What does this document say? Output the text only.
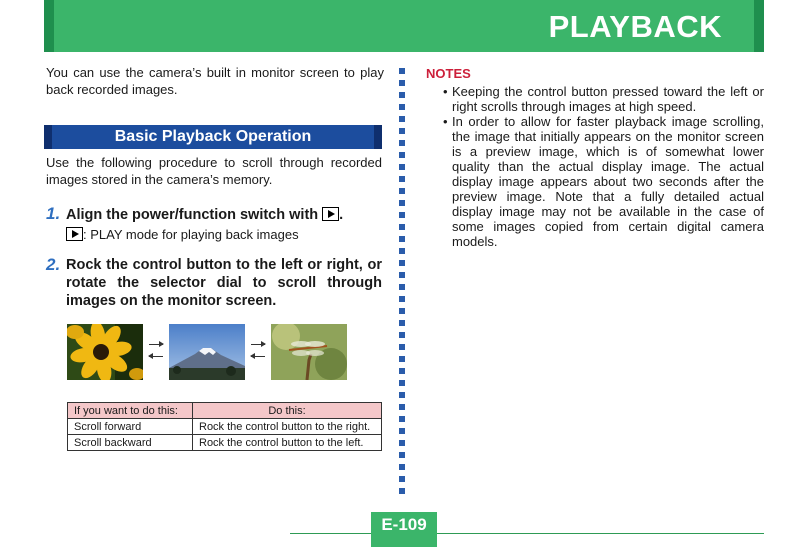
PLAYBACK
You can use the camera’s built in monitor screen to play back recorded images.
Basic Playback Operation
Use the following procedure to scroll through recorded images stored in the camera’s memory.
1. Align the power/function switch with .
: PLAY mode for playing back images
2. Rock the control button to the left or right, or rotate the selector dial to scroll through images on the monitor screen.
If you want to do this:	Do this:
Scroll forward	Rock the control button to the right.
Scroll backward	Rock the control button to the left.
NOTES
• Keeping the control button pressed toward the left or right scrolls through images at high speed.
• In order to allow for faster playback image scrolling, the image that initially appears on the monitor screen is a preview image, which is of somewhat lower quality than the actual display image. The actual display image appears about two seconds after the preview image. Note that a fully detailed actual display image may not be available in the case of some images copied from certain digital camera models.
E-109
